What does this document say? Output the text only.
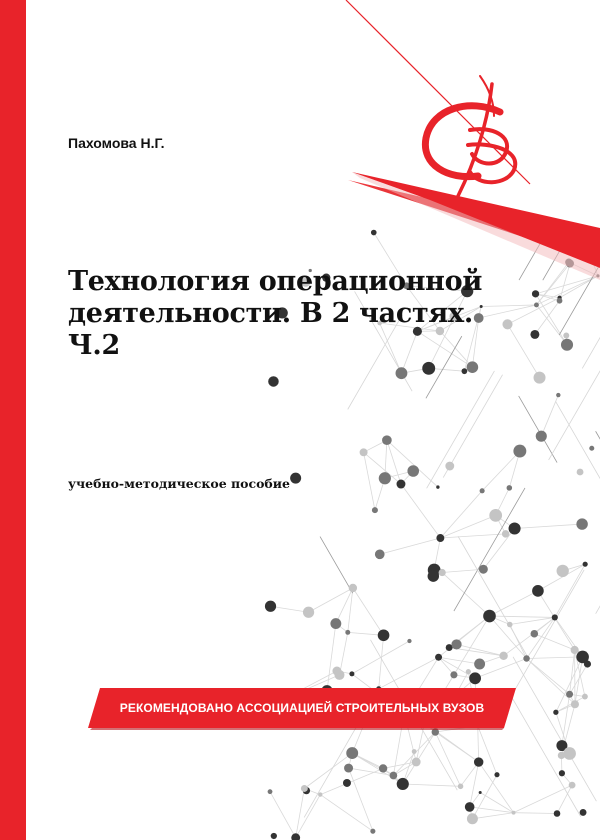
Пахомова Н.Г.
Технология операционной
деятельности. В 2 частях.
Ч.2
учебно-методическое пособие
РЕКОМЕНДОВАНО АССОЦИАЦИЕЙ СТРОИТЕЛЬНЫХ ВУЗОВ
